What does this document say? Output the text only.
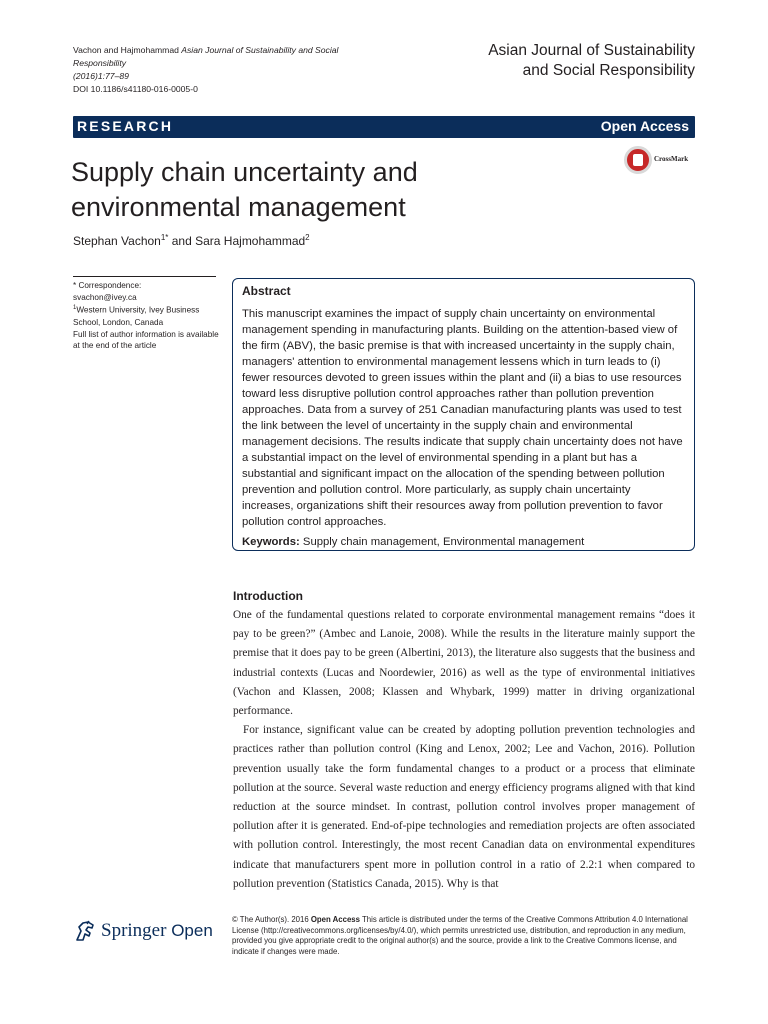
Vachon and Hajmohammad Asian Journal of Sustainability and Social Responsibility
(2016)1:77–89
DOI 10.1186/s41180-016-0005-0
Asian Journal of Sustainability
and Social Responsibility
RESEARCH	Open Access
Supply chain uncertainty and
environmental management
CrossMark
Stephan Vachon$^{1*}$ and Sara Hajmohammad$^2$
* Correspondence:
svachon@ivey.ca
$^1$Western University, Ivey Business School, London, Canada
Full list of author information is available at the end of the article
Abstract
This manuscript examines the impact of supply chain uncertainty on environmental management spending in manufacturing plants. Building on the attention-based view of the firm (ABV), the basic premise is that with increased uncertainty in the supply chain, managers' attention to environmental management lessens which in turn leads to (i) fewer resources devoted to green issues within the plant and (ii) a bias to use resources toward less disruptive pollution control approaches rather than pollution prevention approaches. Data from a survey of 251 Canadian manufacturing plants was used to test the link between the level of uncertainty in the supply chain and environmental management decisions. The results indicate that supply chain uncertainty does not have a substantial impact on the level of environmental spending in a plant but has a substantial and significant impact on the allocation of the spending between pollution prevention and pollution control. More particularly, as supply chain uncertainty increases, organizations shift their resources away from pollution prevention to favor pollution control approaches.
Keywords: Supply chain management, Environmental management
Introduction

One of the fundamental questions related to corporate environmental management remains “does it pay to be green?” (Ambec and Lanoie, 2008). While the results in the literature mainly support the premise that it does pay to be green (Albertini, 2013), the literature also suggests that the business and industrial contexts (Lucas and Noordewier, 2016) as well as the type of environmental initiatives (Vachon and Klassen, 2008; Klassen and Whybark, 1999) matter in driving organizational performance.

For instance, significant value can be created by adopting pollution prevention technologies and practices rather than pollution control (King and Lenox, 2002; Lee and Vachon, 2016). Pollution prevention usually take the form fundamental changes to a product or a process that eliminate pollution at the source. Several waste reduction and energy efficiency programs aligned with that kind reduction at the source mindset. In contrast, pollution control involves proper management of pollution after it is generated. End-of-pipe technologies and remediation projects are often associated with pollution control. Interestingly, the most recent Canadian data on environmental expenditures indicate that manufacturers spent more in pollution control in a ratio of 2.2:1 when compared to pollution prevention (Statistics Canada, 2015). Why is that

Springer Open
© The Author(s). 2016 Open Access This article is distributed under the terms of the Creative Commons Attribution 4.0 International License (http://creativecommons.org/licenses/by/4.0/), which permits unrestricted use, distribution, and reproduction in any medium, provided you give appropriate credit to the original author(s) and the source, provide a link to the Creative Commons license, and indicate if changes were made.
